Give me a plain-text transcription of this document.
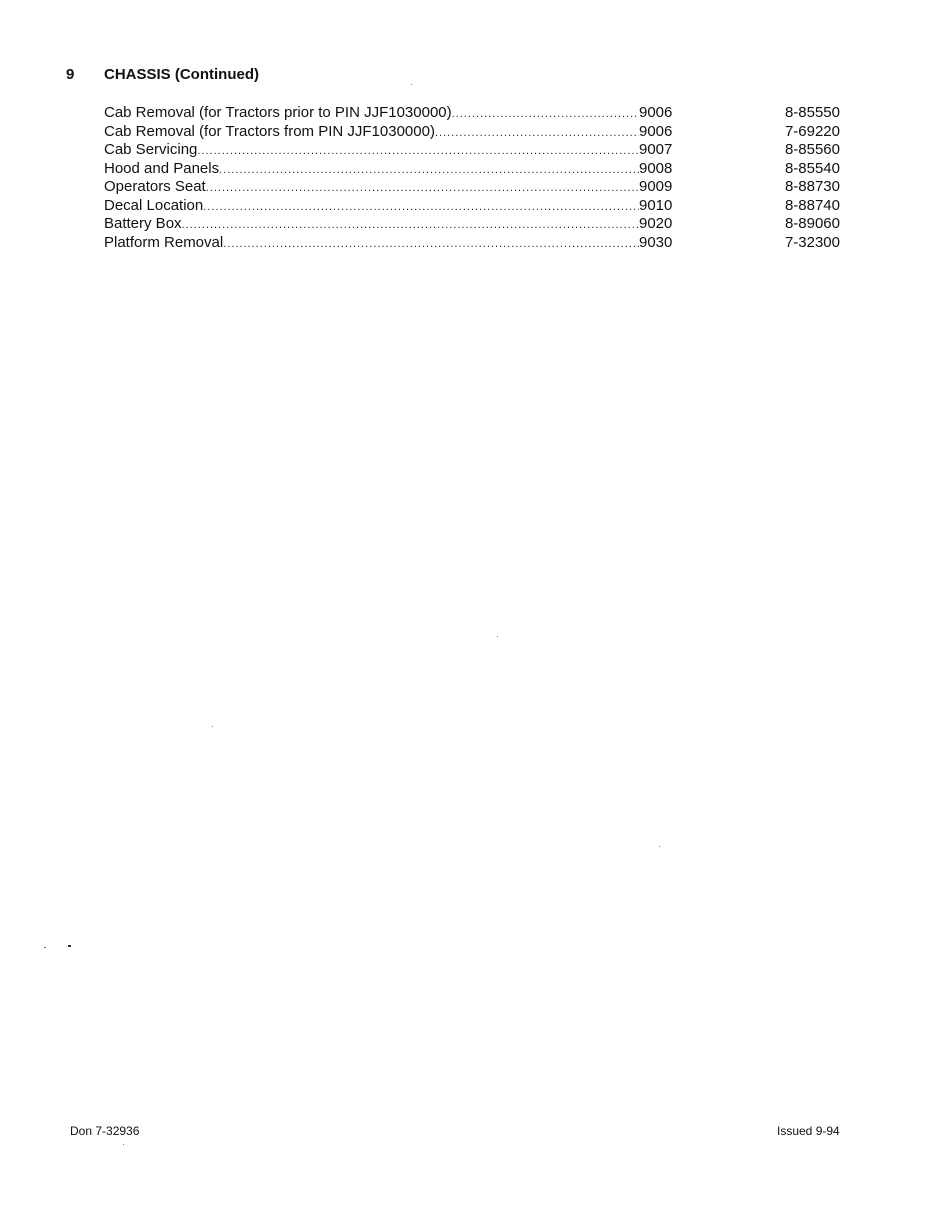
9	CHASSIS (Continued)
Cab Removal (for Tractors prior to PIN JJF1030000) .....	9006	8-85550
Cab Removal (for Tractors from PIN JJF1030000) .....	9006	7-69220
Cab Servicing .....	9007	8-85560
Hood and Panels .....	9008	8-85540
Operators Seat .....	9009	8-88730
Decal Location .....	9010	8-88740
Battery Box .....	9020	8-89060
Platform Removal .....	9030	7-32300
Don 7-32936	Issued 9-94
